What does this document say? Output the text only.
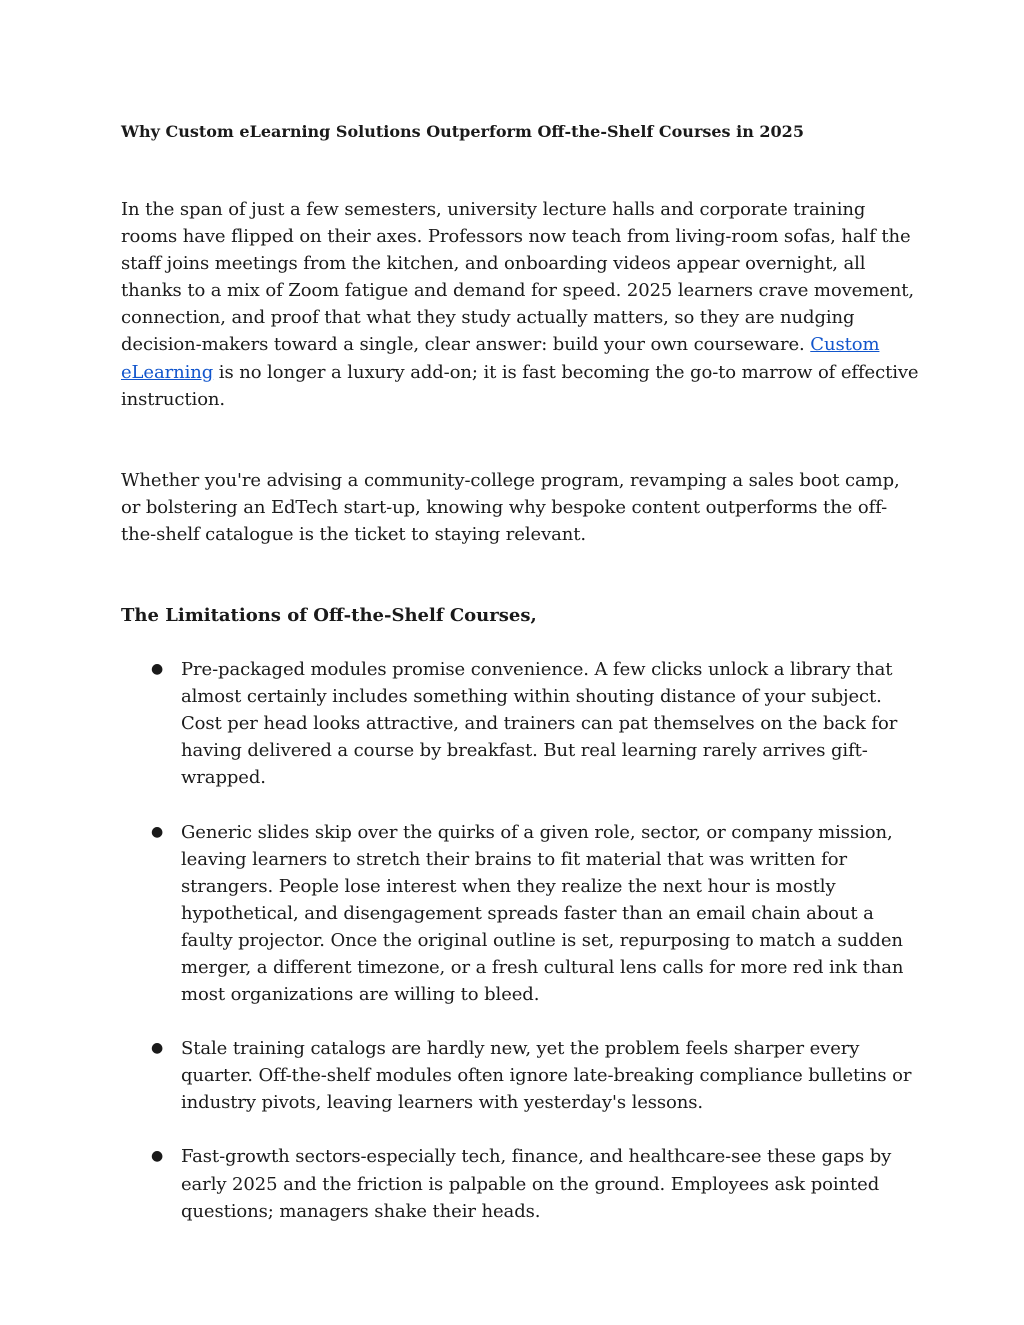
Why Custom eLearning Solutions Outperform Off-the-Shelf Courses in 2025

In the span of just a few semesters, university lecture halls and corporate training rooms have flipped on their axes. Professors now teach from living-room sofas, half the staff joins meetings from the kitchen, and onboarding videos appear overnight, all thanks to a mix of Zoom fatigue and demand for speed. 2025 learners crave movement, connection, and proof that what they study actually matters, so they are nudging decision-makers toward a single, clear answer: build your own courseware. Custom eLearning is no longer a luxury add-on; it is fast becoming the go-to marrow of effective instruction.

Whether you're advising a community-college program, revamping a sales boot camp, or bolstering an EdTech start-up, knowing why bespoke content outperforms the off-the-shelf catalogue is the ticket to staying relevant.

The Limitations of Off-the-Shelf Courses,
● Pre-packaged modules promise convenience. A few clicks unlock a library that almost certainly includes something within shouting distance of your subject. Cost per head looks attractive, and trainers can pat themselves on the back for having delivered a course by breakfast. But real learning rarely arrives gift-wrapped.
● Generic slides skip over the quirks of a given role, sector, or company mission, leaving learners to stretch their brains to fit material that was written for strangers. People lose interest when they realize the next hour is mostly hypothetical, and disengagement spreads faster than an email chain about a faulty projector. Once the original outline is set, repurposing to match a sudden merger, a different timezone, or a fresh cultural lens calls for more red ink than most organizations are willing to bleed.
● Stale training catalogs are hardly new, yet the problem feels sharper every quarter. Off-the-shelf modules often ignore late-breaking compliance bulletins or industry pivots, leaving learners with yesterday's lessons.
● Fast-growth sectors-especially tech, finance, and healthcare-see these gaps by early 2025 and the friction is palpable on the ground. Employees ask pointed questions; managers shake their heads.
